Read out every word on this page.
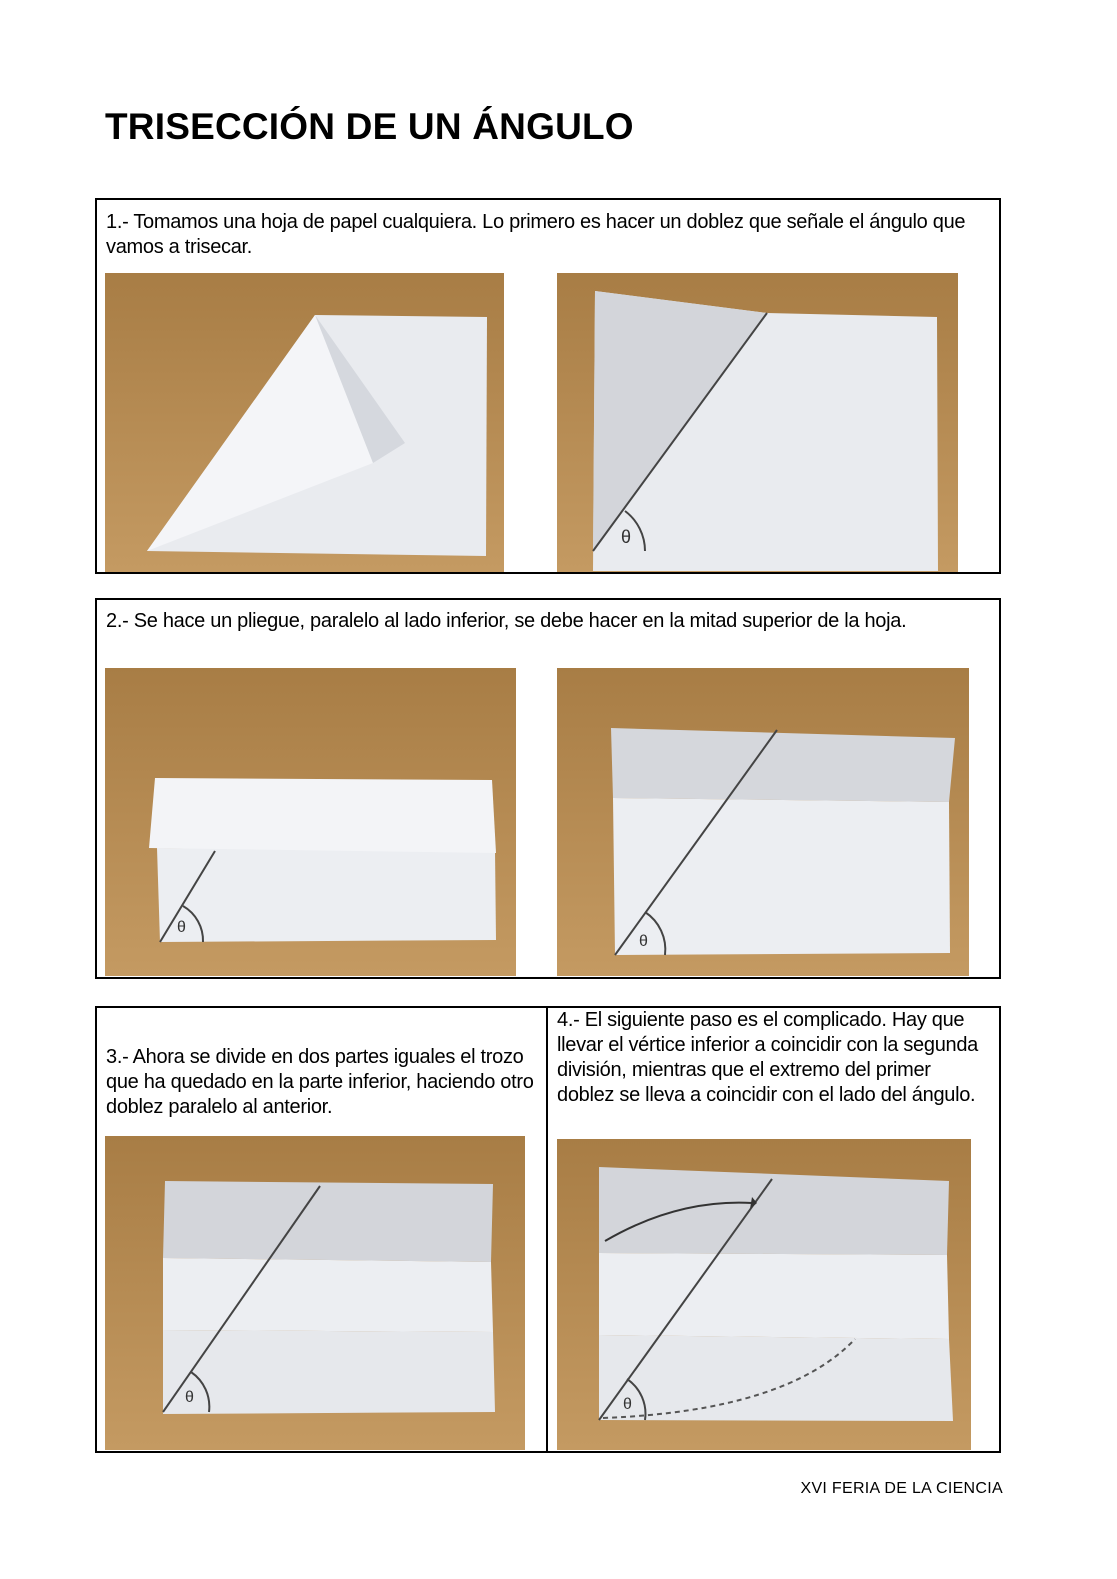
TRISECCIÓN DE UN ÁNGULO
1.- Tomamos una hoja de papel cualquiera. Lo primero es hacer un doblez que señale el ángulo que vamos a trisecar.
θ
2.- Se hace un pliegue, paralelo al lado inferior, se debe hacer en la mitad superior de la hoja.
θ
θ
3.- Ahora se divide en dos partes iguales el trozo que ha quedado en la parte inferior, haciendo otro doblez paralelo al anterior.
4.- El siguiente paso es el complicado. Hay que llevar el vértice inferior a coincidir con la segunda división, mientras que el extremo del primer doblez se lleva a coincidir con el lado del ángulo.
θ	θ
XVI FERIA DE LA CIENCIA
